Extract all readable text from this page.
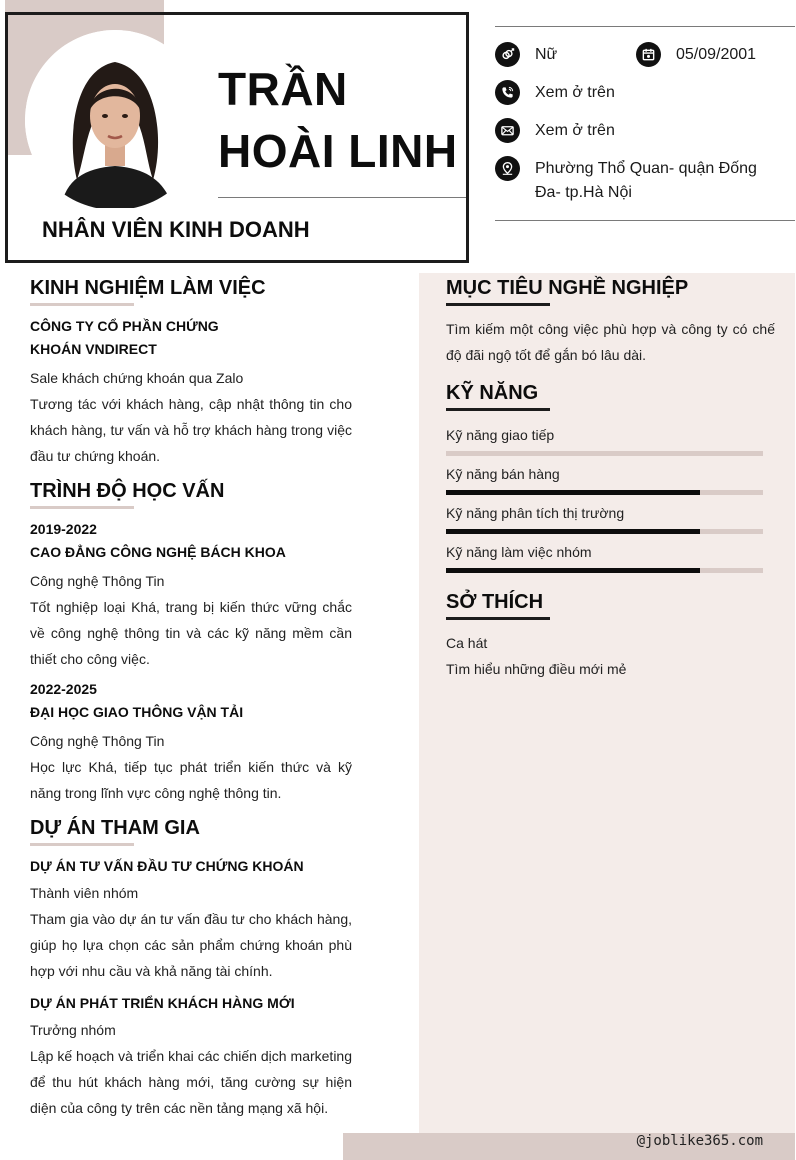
TRẦN
HOÀI LINH
NHÂN VIÊN KINH DOANH
Nữ	05/09/2001
Xem ở trên
Xem ở trên
Phường Thổ Quan- quận Đống Đa- tp.Hà Nội
@joblike365.com
KINH NGHIỆM LÀM VIỆC
CÔNG TY CỔ PHẦN CHỨNG KHOÁN VNDIRECT
Sale khách chứng khoán qua Zalo
Tương tác với khách hàng, cập nhật thông tin cho khách hàng, tư vấn và hỗ trợ khách hàng trong việc đầu tư chứng khoán.
TRÌNH ĐỘ HỌC VẤN
2019-2022
CAO ĐẲNG CÔNG NGHỆ BÁCH KHOA
Công nghệ Thông Tin
Tốt nghiệp loại Khá, trang bị kiến thức vững chắc về công nghệ thông tin và các kỹ năng mềm cần thiết cho công việc.
2022-2025
ĐẠI HỌC GIAO THÔNG VẬN TẢI
Công nghệ Thông Tin
Học lực Khá, tiếp tục phát triển kiến thức và kỹ năng trong lĩnh vực công nghệ thông tin.
DỰ ÁN THAM GIA
DỰ ÁN TƯ VẤN ĐẦU TƯ CHỨNG KHOÁN
Thành viên nhóm
Tham gia vào dự án tư vấn đầu tư cho khách hàng, giúp họ lựa chọn các sản phẩm chứng khoán phù hợp với nhu cầu và khả năng tài chính.
DỰ ÁN PHÁT TRIỂN KHÁCH HÀNG MỚI
Trưởng nhóm
Lập kế hoạch và triển khai các chiến dịch marketing để thu hút khách hàng mới, tăng cường sự hiện diện của công ty trên các nền tảng mạng xã hội.
MỤC TIÊU NGHỀ NGHIỆP
Tìm kiếm một công việc phù hợp và công ty có chế độ đãi ngộ tốt để gắn bó lâu dài.
KỸ NĂNG
Kỹ năng giao tiếp
Kỹ năng bán hàng
Kỹ năng phân tích thị trường
Kỹ năng làm việc nhóm
SỞ THÍCH
Ca hát
Tìm hiểu những điều mới mẻ
